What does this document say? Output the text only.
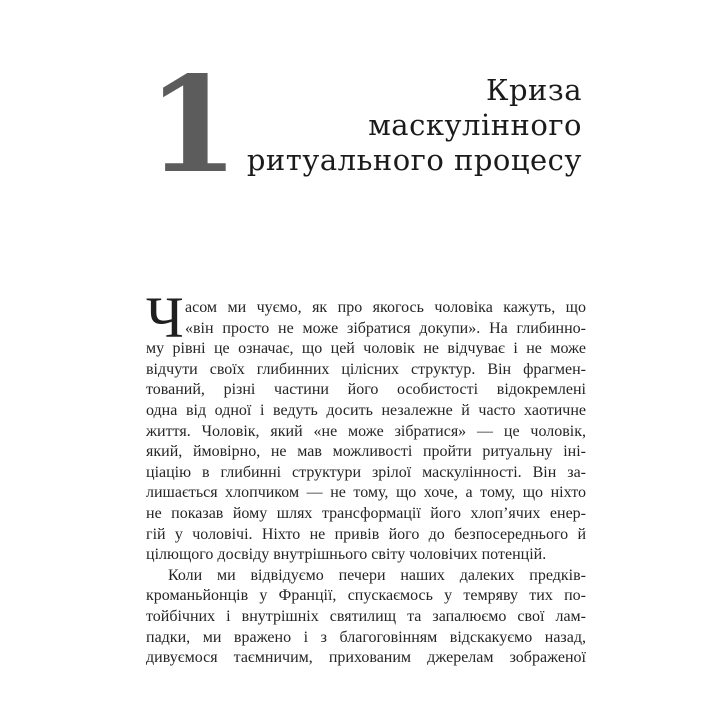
1	Криза
маскулінного
ритуального процесу
Ч асом ми чуємо, як про якогось чоловіка кажуть, що
«він просто не може зібратися докупи». На глибинно-
му рівні це означає, що цей чоловік не відчуває і не може
відчути своїх глибинних цілісних структур. Він фрагмен-
тований, різні частини його особистості відокремлені
одна від одної і ведуть досить незалежне й часто хаотичне
життя. Чоловік, який «не може зібратися» — це чоловік,
який, ймовірно, не мав можливості пройти ритуальну іні-
ціацію в глибинні структури зрілої маскулінності. Він за-
лишається хлопчиком — не тому, що хоче, а тому, що ніхто
не показав йому шлях трансформації його хлоп’ячих енер-
гій у чоловічі. Ніхто не привів його до безпосереднього й
цілющого досвіду внутрішнього світу чоловічих потенцій.
Коли ми відвідуємо печери наших далеких предків-
кроманьйонців у Франції, спускаємось у темряву тих по-
тойбічних і внутрішніх святилищ та запалюємо свої лам-
падки, ми вражено і з благоговінням відскакуємо назад,
дивуємося таємничим, прихованим джерелам зображеної
